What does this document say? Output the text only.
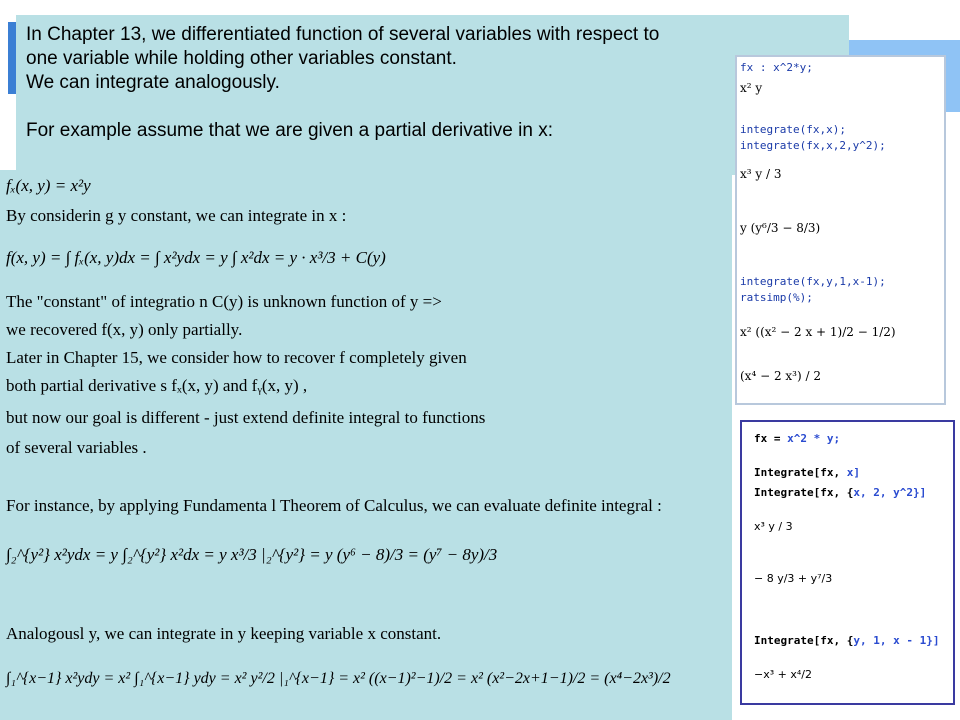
In Chapter 13, we differentiated function of several variables with respect to

one variable while holding other variables constant.

We can integrate analogously.

For example assume that we are given a partial derivative in x:

fₓ(x, y) = x²y
By considerin g y constant, we can integrate in x :
f(x, y) = ∫ fₓ(x, y)dx = ∫ x²ydx = y ∫ x²dx = y · x³/3 + C(y)
The "constant" of integratio n C(y) is unknown function of y =>
we recovered f(x, y) only partially.
Later in Chapter 15, we consider how to recover f completely given
both partial derivative s fₓ(x, y) and fᵧ(x, y) ,
but now our goal is different - just extend definite integral to functions
of several variables .
For instance, by applying Fundamenta l Theorem of Calculus, we can evaluate definite integral :
∫₂^{y²} x²ydx = y ∫₂^{y²} x²dx = y x³/3 |₂^{y²} = y (y⁶ − 8)/3 = (y⁷ − 8y)/3
Analogousl y, we can integrate in y keeping variable x constant.
∫₁^{x−1} x²ydy = x² ∫₁^{x−1} ydy = x² y²/2 |₁^{x−1} = x² ((x−1)²−1)/2 = x² (x²−2x+1−1)/2 = (x⁴−2x³)/2
fx : x^2*y;
x² y
integrate(fx,x);
integrate(fx,x,2,y^2);
x³ y / 3
y (y⁶/3 − 8/3)
integrate(fx,y,1,x-1);
ratsimp(%);
x² ((x² − 2 x + 1)/2 − 1/2)
(x⁴ − 2 x³) / 2
fx = x^2 * y;
Integrate[fx, x]
Integrate[fx, {x, 2, y^2}]
x³ y / 3
− 8 y/3 + y⁷/3
Integrate[fx, {y, 1, x - 1}]
−x³ + x⁴/2
